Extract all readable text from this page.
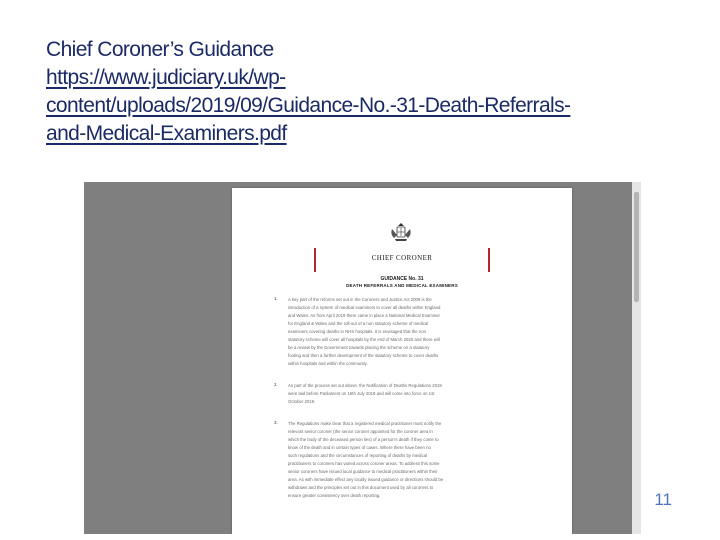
Chief Coroner’s Guidance
https://www.judiciary.uk/wp-
content/uploads/2019/09/Guidance-No.-31-Death-Referrals-
and-Medical-Examiners.pdf
CHIEF CORONER
GUIDANCE No. 31
DEATH REFERRALS AND MEDICAL EXAMINERS
1. A key part of the reforms set out in the Coroners and Justice Act 2009 is the
introduction of a system of medical examiners to cover all deaths within England
and Wales. As from April 2019 there came in place a National Medical Examiner
for England & Wales and the roll-out of a non statutory scheme of medical
examiners covering deaths in NHS hospitals. It is envisaged that the non
statutory scheme will cover all hospitals by the end of March 2020 and there will
be a review by the Government towards placing the scheme on a statutory
footing and then a further development of the statutory scheme to cover deaths
within hospitals and within the community.
2. As part of the process set out above, the Notification of Deaths Regulations 2019
were laid before Parliament on 16th July 2019 and will come into force on 1st
October 2019.
3. The Regulations make clear that a registered medical practitioner must notify the
relevant senior coroner (the senior coroner appointed for the coroner area in
which the body of the deceased person lies) of a person's death if they come to
know of the death and in certain types of cases. Where there have been no
such regulations and the circumstances of reporting of deaths by medical
practitioners to coroners has varied across coroner areas. To address this some
senior coroners have issued local guidance to medical practitioners within their
area. As with immediate effect any locally issued guidance or directions should be
withdrawn and the principles set out in this document used by all coroners to
ensure greater consistency over death reporting.	11
